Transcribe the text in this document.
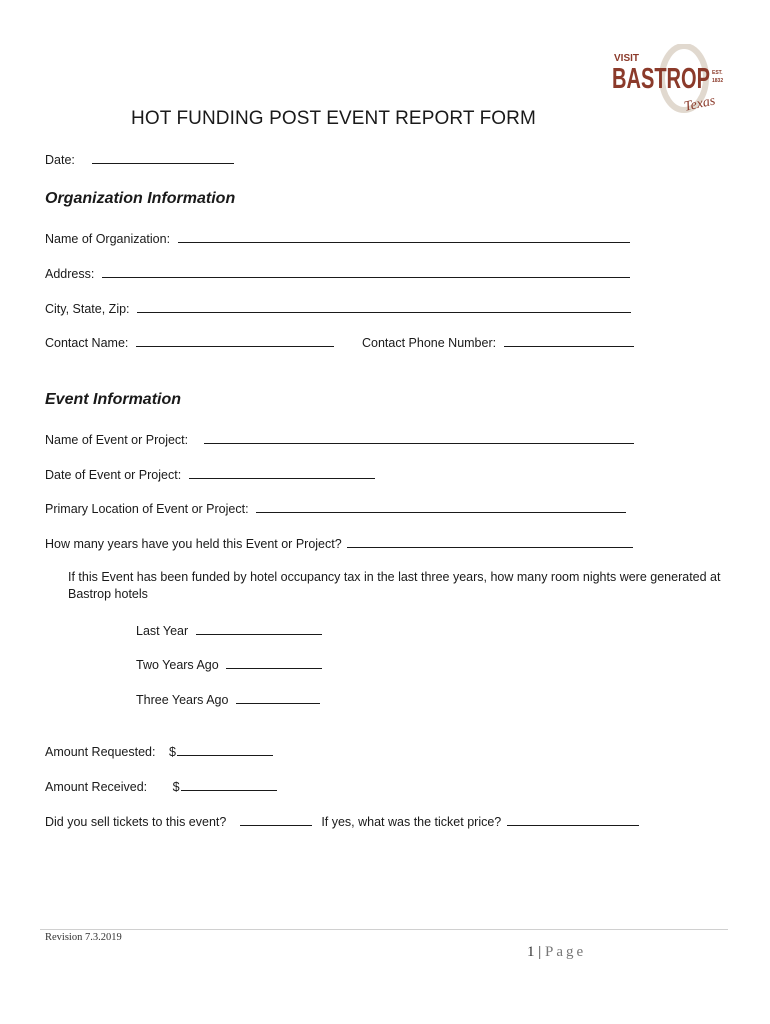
VISIT
BASTROP EST.
1832
Texas
HOT FUNDING POST EVENT REPORT FORM
Date:
Organization Information
Name of Organization:
Address:
City, State, Zip:
Contact Name:	Contact Phone Number:
Event Information
Name of Event or Project:
Date of Event or Project:
Primary Location of Event or Project:
How many years have you held this Event or Project?
If this Event has been funded by hotel occupancy tax in the last three years, how many room nights were generated at Bastrop hotels
Last Year
Two Years Ago
Three Years Ago
Amount Requested: $
Amount Received: $
Did you sell tickets to this event?	If yes, what was the ticket price?
Revision 7.3.2019
1 | Page
